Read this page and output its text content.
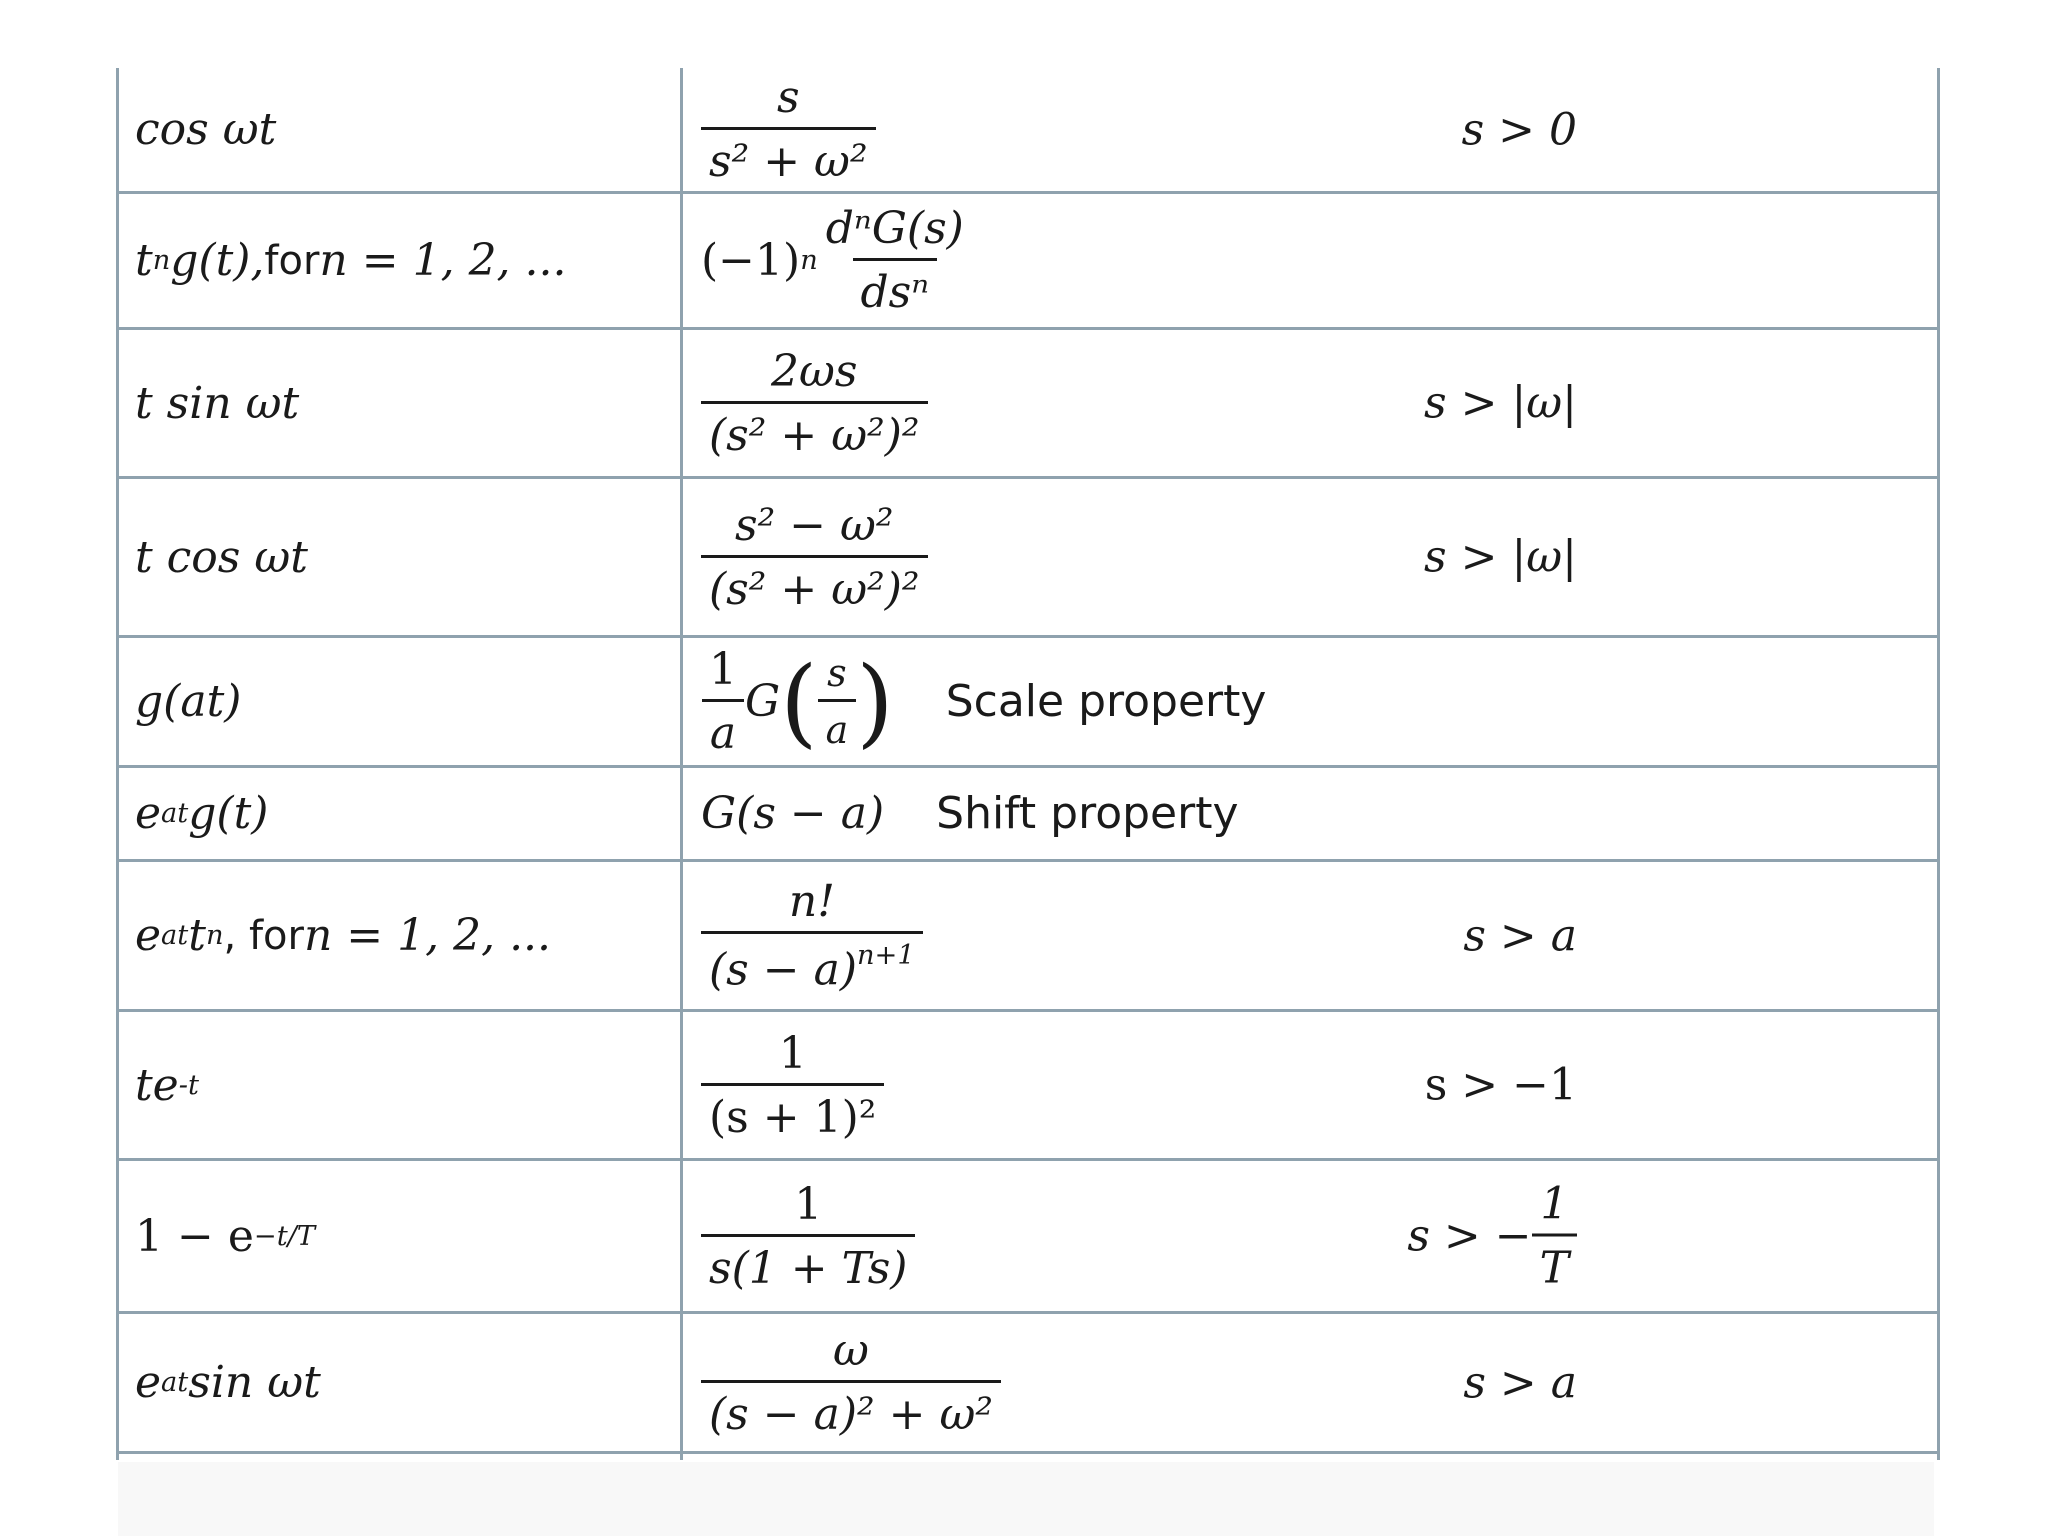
cos ωt	$\frac{s}{\text{s² + ω²}}$	s > 0
t n g(t), for n = 1, 2, ...	(−1) n $\frac{\text{dⁿG(s)}}{\text{dsⁿ}}$
t sin ωt	$\frac{2\omega s}{\text{(s² + ω²)²}}$	s > |ω|
t cos ωt	$\frac{\text{s² − ω²}}{\text{(s² + ω²)²}}$	s > |ω|
g(at)	$\frac{1}{a}$ G ( $\frac{s}{a}$ ) Scale property
e at g(t)	G(s − a) Shift property
e at t n , for n = 1, 2, ...	$\frac{n!}{(s - a)^{n+1}}$	s > a
te -t	$\frac{1}{\text{(s + 1)²}}$	s > −1
1 − e −t/T	$\frac{1}{s(1 + Ts)}$	s > − $\frac{1}{T}$
e at sin ωt	$\frac{\omega}{\text{(s − a)² + ω²}}$	s > a
